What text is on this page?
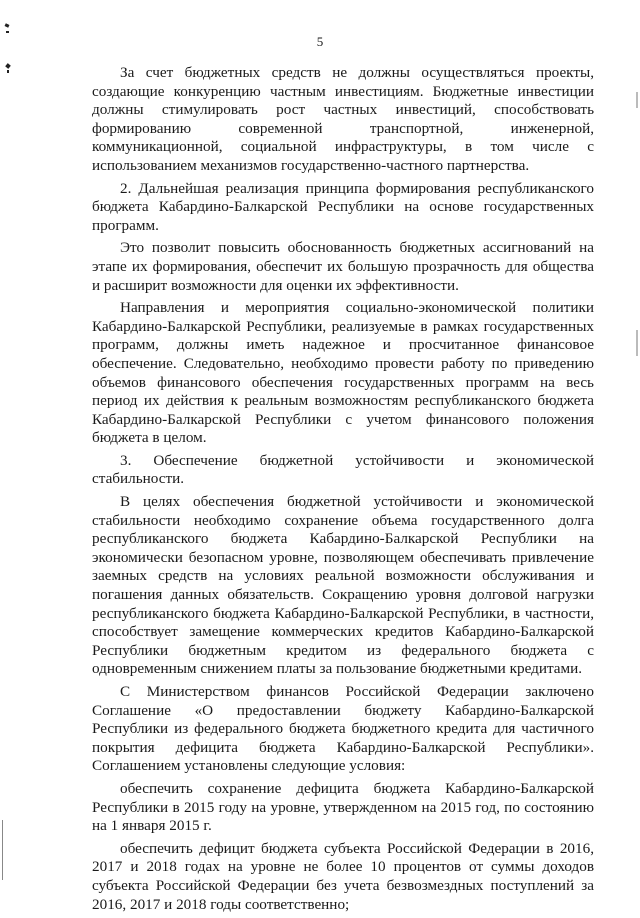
5

За счет бюджетных средств не должны осуществляться проекты, создающие конкуренцию частным инвестициям. Бюджетные инвестиции должны стимулировать рост частных инвестиций, способствовать формированию современной транспортной, инженерной, коммуникационной, социальной инфраструктуры, в том числе с использованием механизмов государственно-частного партнерства.

2. Дальнейшая реализация принципа формирования республиканского бюджета Кабардино-Балкарской Республики на основе государственных программ.

Это позволит повысить обоснованность бюджетных ассигнований на этапе их формирования, обеспечит их большую прозрачность для общества и расширит возможности для оценки их эффективности.

Направления и мероприятия социально-экономической политики Кабардино-Балкарской Республики, реализуемые в рамках государственных программ, должны иметь надежное и просчитанное финансовое обеспечение. Следовательно, необходимо провести работу по приведению объемов финансового обеспечения государственных программ на весь период их действия к реальным возможностям республиканского бюджета Кабардино-Балкарской Республики с учетом финансового положения бюджета в целом.

3. Обеспечение бюджетной устойчивости и экономической стабильности.

В целях обеспечения бюджетной устойчивости и экономической стабильности необходимо сохранение объема государственного долга республиканского бюджета Кабардино-Балкарской Республики на экономически безопасном уровне, позволяющем обеспечивать привлечение заемных средств на условиях реальной возможности обслуживания и погашения данных обязательств. Сокращению уровня долговой нагрузки республиканского бюджета Кабардино-Балкарской Республики, в частности, способствует замещение коммерческих кредитов Кабардино-Балкарской Республики бюджетным кредитом из федерального бюджета с одновременным снижением платы за пользование бюджетными кредитами.

С Министерством финансов Российской Федерации заключено Соглашение «О предоставлении бюджету Кабардино-Балкарской Республики из федерального бюджета бюджетного кредита для частичного покрытия дефицита бюджета Кабардино-Балкарской Республики». Соглашением установлены следующие условия:

обеспечить сохранение дефицита бюджета Кабардино-Балкарской Республики в 2015 году на уровне, утвержденном на 2015 год, по состоянию на 1 января 2015 г.

обеспечить дефицит бюджета субъекта Российской Федерации в 2016, 2017 и 2018 годах на уровне не более 10 процентов от суммы доходов субъекта Российской Федерации без учета безвозмездных поступлений за 2016, 2017 и 2018 годы соответственно;
